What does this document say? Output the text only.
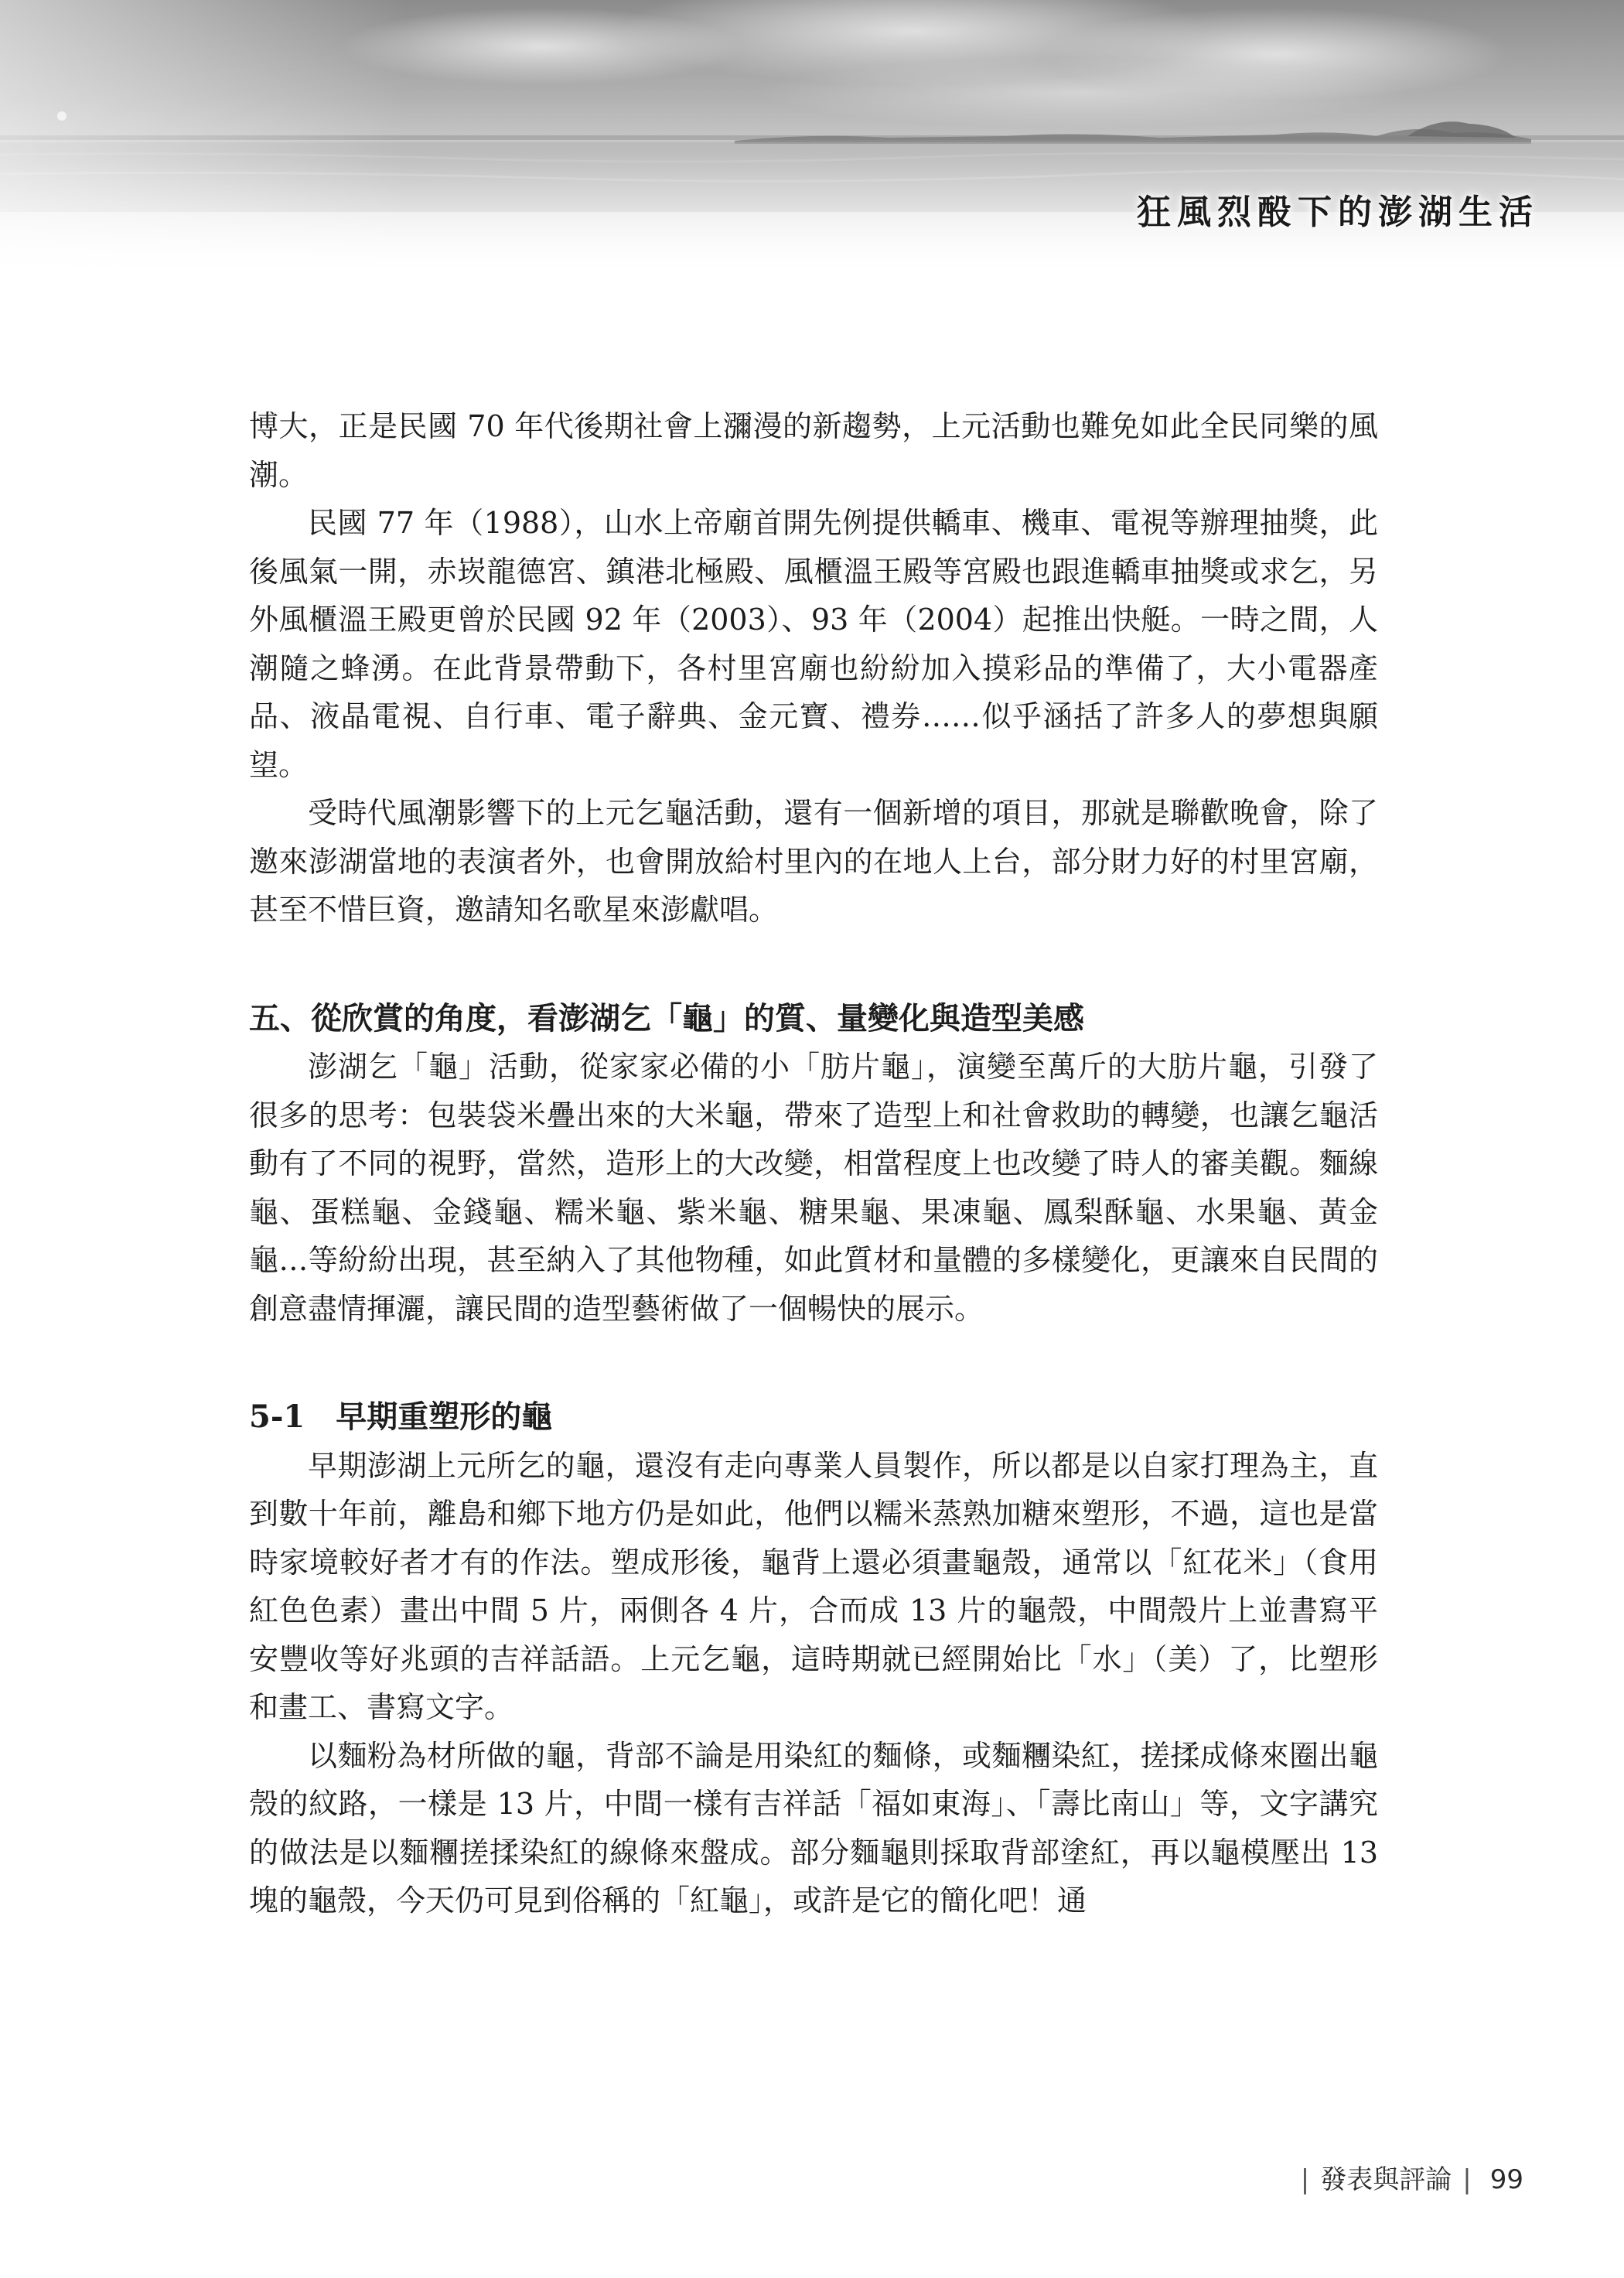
狂風烈酘下的澎湖生活

博大，正是民國 70 年代後期社會上瀰漫的新趨勢，上元活動也難免如此全民同樂的風潮。

民國 77 年（1988），山水上帝廟首開先例提供轎車、機車、電視等辦理抽獎，此後風氣一開，赤崁龍德宮、鎮港北極殿、風櫃溫王殿等宮殿也跟進轎車抽獎或求乞，另外風櫃溫王殿更曾於民國 92 年（2003）、93 年（2004）起推出快艇。一時之間，人潮隨之蜂湧。在此背景帶動下，各村里宮廟也紛紛加入摸彩品的準備了，大小電器產品、液晶電視、自行車、電子辭典、金元寶、禮券……似乎涵括了許多人的夢想與願望。

受時代風潮影響下的上元乞龜活動，還有一個新增的項目，那就是聯歡晚會，除了邀來澎湖當地的表演者外，也會開放給村里內的在地人上台，部分財力好的村里宮廟，甚至不惜巨資，邀請知名歌星來澎獻唱。

五、從欣賞的角度，看澎湖乞「龜」的質、量變化與造型美感

澎湖乞「龜」活動，從家家必備的小「肪片龜」，演變至萬斤的大肪片龜，引發了很多的思考：包裝袋米疊出來的大米龜，帶來了造型上和社會救助的轉變，也讓乞龜活動有了不同的視野，當然，造形上的大改變，相當程度上也改變了時人的審美觀。麵線龜、蛋糕龜、金錢龜、糯米龜、紫米龜、糖果龜、果凍龜、鳳梨酥龜、水果龜、黃金龜…等紛紛出現，甚至納入了其他物種，如此質材和量體的多樣變化，更讓來自民間的創意盡情揮灑，讓民間的造型藝術做了一個暢快的展示。

5-1 早期重塑形的龜

早期澎湖上元所乞的龜，還沒有走向專業人員製作，所以都是以自家打理為主，直到數十年前，離島和鄉下地方仍是如此，他們以糯米蒸熟加糖來塑形，不過，這也是當時家境較好者才有的作法。塑成形後，龜背上還必須畫龜殼，通常以「紅花米」（食用紅色色素）畫出中間 5 片，兩側各 4 片，合而成 13 片的龜殼，中間殼片上並書寫平安豐收等好兆頭的吉祥話語。上元乞龜，這時期就已經開始比「水」（美）了，比塑形和畫工、書寫文字。

以麵粉為材所做的龜，背部不論是用染紅的麵條，或麵糰染紅，搓揉成條來圈出龜殼的紋路，一樣是 13 片，中間一樣有吉祥話「福如東海」、「壽比南山」等，文字講究的做法是以麵糰搓揉染紅的線條來盤成。部分麵龜則採取背部塗紅，再以龜模壓出 13 塊的龜殼，今天仍可見到俗稱的「紅龜」，或許是它的簡化吧！通

| 發表與評論 | 99
